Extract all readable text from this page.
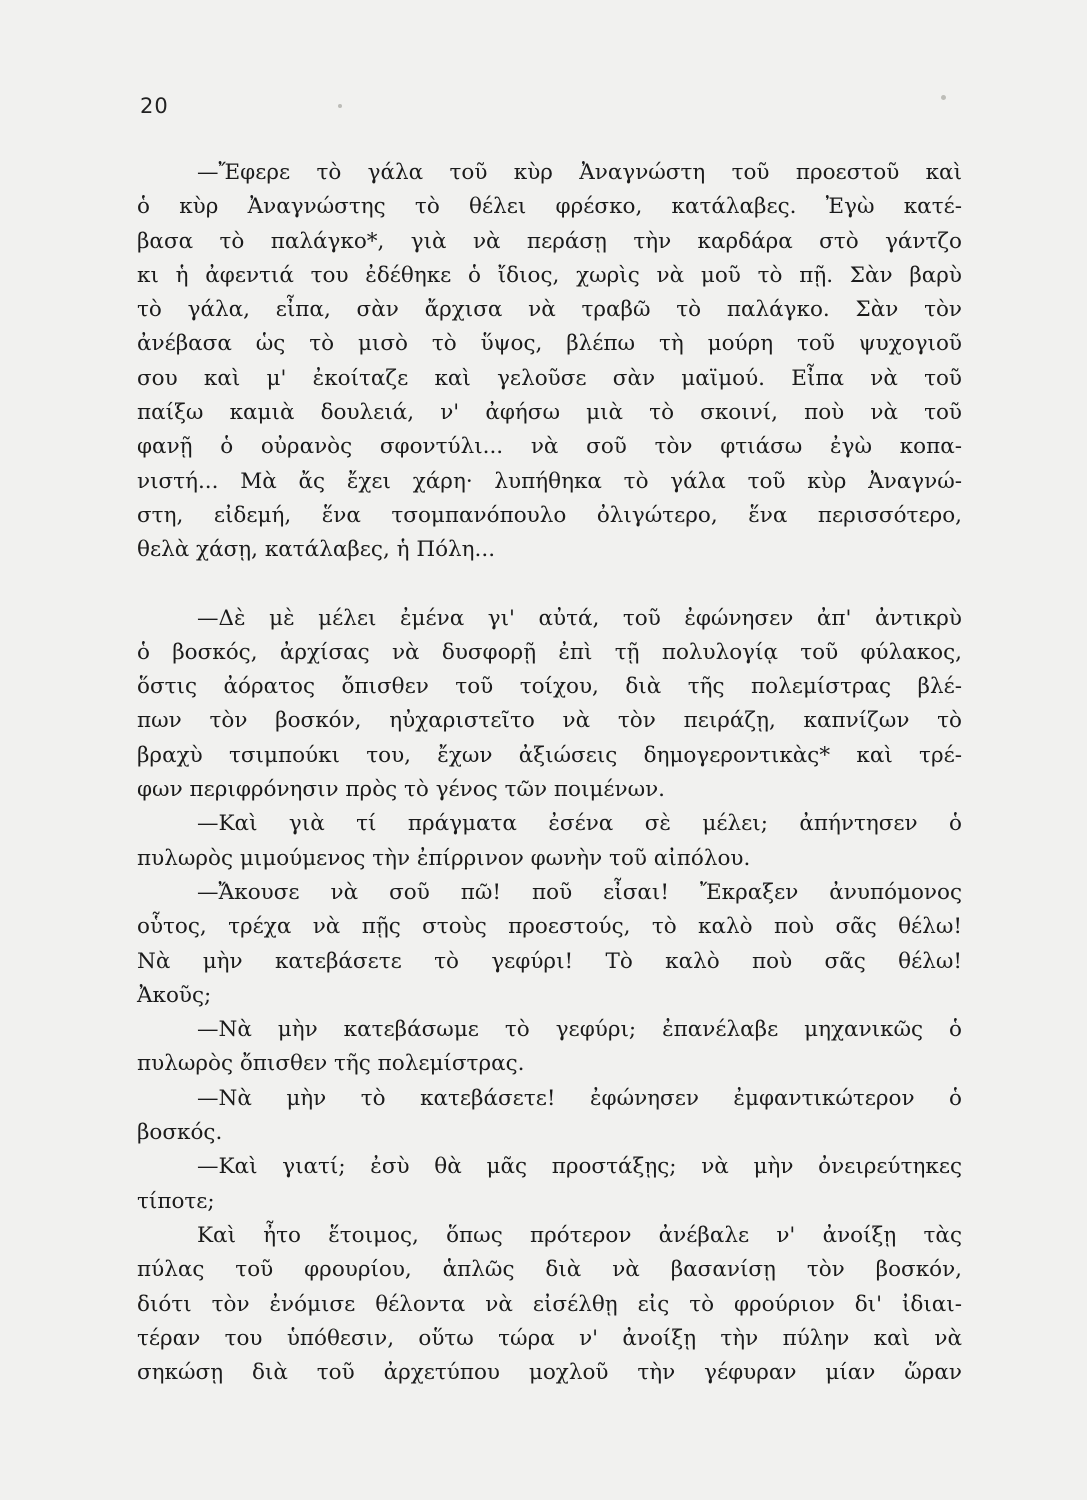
20
—Ἔφερε τὸ γάλα τοῦ κὺρ Ἀναγνώστη τοῦ προεστοῦ καὶ
ὁ κὺρ Ἀναγνώστης τὸ θέλει φρέσκο, κατάλαβες. Ἐγὼ κατέ-
βασα τὸ παλάγκο*, γιὰ νὰ περάσῃ τὴν καρδάρα στὸ γάντζο
κι ἡ ἀφεντιά του ἐδέθηκε ὁ ἴδιος, χωρὶς νὰ μοῦ τὸ πῇ. Σὰν βαρὺ
τὸ γάλα, εἶπα, σὰν ἄρχισα νὰ τραβῶ τὸ παλάγκο. Σὰν τὸν
ἀνέβασα ὡς τὸ μισὸ τὸ ὕψος, βλέπω τὴ μούρη τοῦ ψυχογιοῦ
σου καὶ μ' ἐκοίταζε καὶ γελοῦσε σὰν μαϊμού. Εἶπα νὰ τοῦ
παίξω καμιὰ δουλειά, ν' ἀφήσω μιὰ τὸ σκοινί, ποὺ νὰ τοῦ
φανῇ ὁ οὐρανὸς σφοντύλι... νὰ σοῦ τὸν φτιάσω ἐγὼ κοπα-
νιστή... Μὰ ἄς ἔχει χάρη· λυπήθηκα τὸ γάλα τοῦ κὺρ Ἀναγνώ-
στη, εἰδεμή, ἕνα τσομπανόπουλο ὀλιγώτερο, ἕνα περισσότερο,
θελὰ χάσῃ, κατάλαβες, ἡ Πόλη...
—Δὲ μὲ μέλει ἐμένα γι' αὐτά, τοῦ ἐφώνησεν ἀπ' ἀντικρὺ
ὁ βοσκός, ἀρχίσας νὰ δυσφορῇ ἐπὶ τῇ πολυλογίᾳ τοῦ φύλακος,
ὅστις ἀόρατος ὄπισθεν τοῦ τοίχου, διὰ τῆς πολεμίστρας βλέ-
πων τὸν βοσκόν, ηὐχαριστεῖτο νὰ τὸν πειράζῃ, καπνίζων τὸ
βραχὺ τσιμπούκι του, ἔχων ἀξιώσεις δημογεροντικὰς* καὶ τρέ-
φων περιφρόνησιν πρὸς τὸ γένος τῶν ποιμένων.
—Καὶ γιὰ τί πράγματα ἐσένα σὲ μέλει; ἀπήντησεν ὁ
πυλωρὸς μιμούμενος τὴν ἐπίρρινον φωνὴν τοῦ αἰπόλου.
—Ἄκουσε νὰ σοῦ πῶ! ποῦ εἶσαι! Ἔκραξεν ἀνυπόμονος
οὗτος, τρέχα νὰ πῇς στοὺς προεστούς, τὸ καλὸ ποὺ σᾶς θέλω!
Νὰ μὴν κατεβάσετε τὸ γεφύρι! Τὸ καλὸ ποὺ σᾶς θέλω!
Ἀκοῦς;
—Νὰ μὴν κατεβάσωμε τὸ γεφύρι; ἐπανέλαβε μηχανικῶς ὁ
πυλωρὸς ὄπισθεν τῆς πολεμίστρας.
—Νὰ μὴν τὸ κατεβάσετε! ἐφώνησεν ἐμφαντικώτερον ὁ
βοσκός.
—Καὶ γιατί; ἐσὺ θὰ μᾶς προστάξῃς; νὰ μὴν ὀνειρεύτηκες
τίποτε;
Καὶ ἦτο ἕτοιμος, ὅπως πρότερον ἀνέβαλε ν' ἀνοίξῃ τὰς
πύλας τοῦ φρουρίου, ἁπλῶς διὰ νὰ βασανίσῃ τὸν βοσκόν,
διότι τὸν ἐνόμισε θέλοντα νὰ εἰσέλθῃ εἰς τὸ φρούριον δι' ἰδιαι-
τέραν του ὑπόθεσιν, οὕτω τώρα ν' ἀνοίξῃ τὴν πύλην καὶ νὰ
σηκώσῃ διὰ τοῦ ἀρχετύπου μοχλοῦ τὴν γέφυραν μίαν ὥραν
